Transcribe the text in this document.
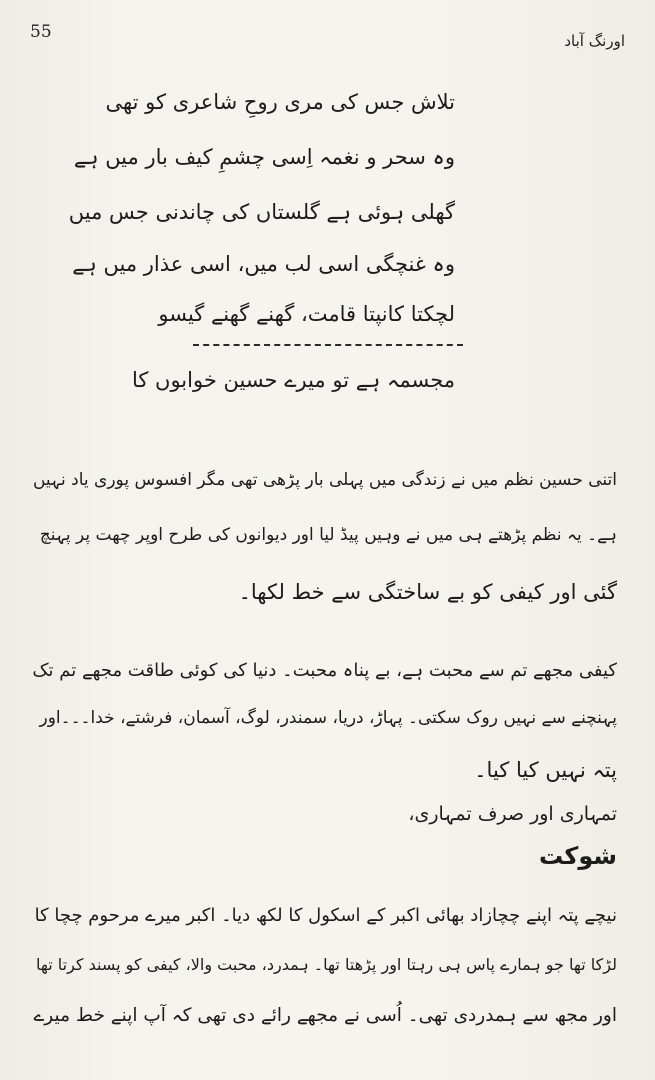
55	اورنگ آباد
تلاش جس کی مری روحِ شاعری کو تھی
وہ سحر و نغمہ اِسی چشمِ کیف بار میں ہے
گھلی ہوئی ہے گلستاں کی چاندنی جس میں
وہ غنچگی اسی لب میں، اسی عذار میں ہے
لچکتا کانپتا قامت، گھنے گھنے گیسو
مجسمہ ہے تو میرے حسین خوابوں کا
اتنی حسین نظم میں نے زندگی میں پہلی بار پڑھی تھی مگر افسوس پوری یاد نہیں
ہے۔ یہ نظم پڑھتے ہی میں نے وہیں پیڈ لیا اور دیوانوں کی طرح اوپر چھت پر پہنچ
گئی اور کیفی کو بے ساختگی سے خط لکھا۔
کیفی مجھے تم سے محبت ہے، بے پناہ محبت۔ دنیا کی کوئی طاقت مجھے تم تک
پہنچنے سے نہیں روک سکتی۔ پہاڑ، دریا، سمندر، لوگ، آسمان، فرشتے، خدا۔۔۔اور
پتہ نہیں کیا کیا۔
تمہاری اور صرف تمہاری،
شوکت
نیچے پتہ اپنے چچازاد بھائی اکبر کے اسکول کا لکھ دیا۔ اکبر میرے مرحوم چچا کا
لڑکا تھا جو ہمارے پاس ہی رہتا اور پڑھتا تھا۔ ہمدرد، محبت والا، کیفی کو پسند کرتا تھا
اور مجھ سے ہمدردی تھی۔ اُسی نے مجھے رائے دی تھی کہ آپ اپنے خط میرے
